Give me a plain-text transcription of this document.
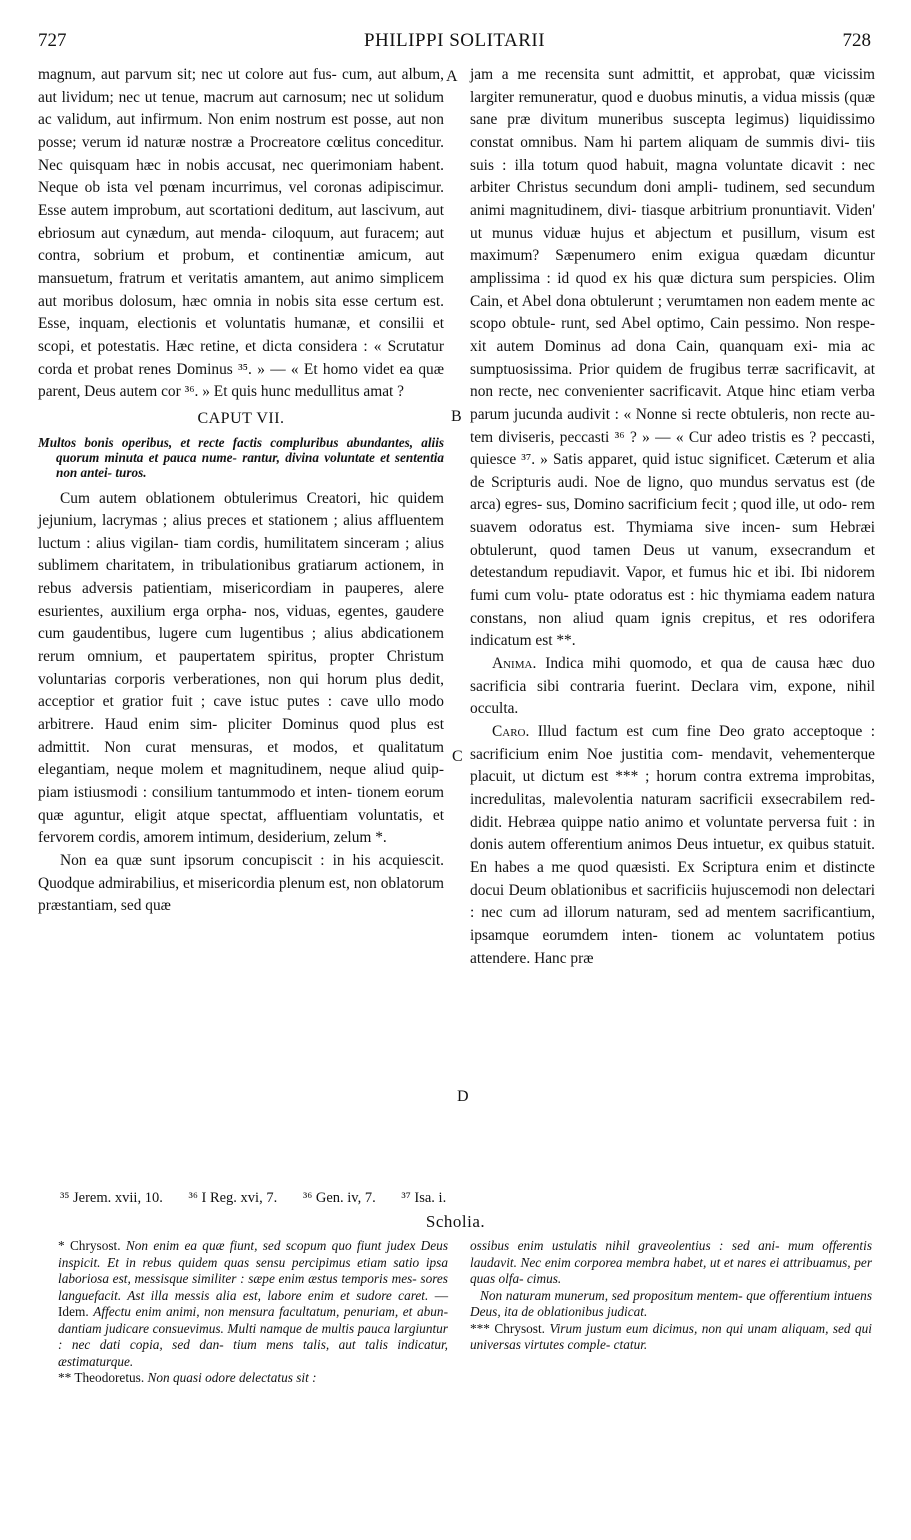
727	PHILIPPI SOLITARII	728

magnum, aut parvum sit; nec ut colore aut fus- cum, aut album, aut lividum; nec ut tenue, macrum aut carnosum; nec ut solidum ac validum, aut infirmum. Non enim nostrum est posse, aut non posse; verum id naturæ nostræ a Procreatore cœlitus conceditur. Nec quisquam hæc in nobis accusat, nec querimoniam habent. Neque ob ista vel pœnam incurrimus, vel coronas adipiscimur. Esse autem improbum, aut scortationi deditum, aut lascivum, aut ebriosum aut cynædum, aut menda- ciloquum, aut furacem; aut contra, sobrium et probum, et continentiæ amicum, aut mansuetum, fratrum et veritatis amantem, aut animo simplicem aut moribus dolosum, hæc omnia in nobis sita esse certum est. Esse, inquam, electionis et voluntatis humanæ, et consilii et scopi, et potestatis. Hæc retine, et dicta considera : « Scrutatur corda et probat renes Dominus ³⁵. » — « Et homo videt ea quæ parent, Deus autem cor ³⁶. » Et quis hunc medullitus amat ?

CAPUT VII.
Multos bonis operibus, et recte factis compluribus abundantes, aliis quorum minuta et pauca nume- rantur, divina voluntate et sententia non antei- turos.

Cum autem oblationem obtulerimus Creatori, hic quidem jejunium, lacrymas ; alius preces et stationem ; alius affluentem luctum : alius vigilan- tiam cordis, humilitatem sinceram ; alius sublimem charitatem, in tribulationibus gratiarum actionem, in rebus adversis patientiam, misericordiam in pauperes, alere esurientes, auxilium erga orpha- nos, viduas, egentes, gaudere cum gaudentibus, lugere cum lugentibus ; alius abdicationem rerum omnium, et paupertatem spiritus, propter Christum voluntarias corporis verberationes, non qui horum plus dedit, acceptior et gratior fuit ; cave istuc putes : cave ullo modo arbitrere. Haud enim sim- pliciter Dominus quod plus est admittit. Non curat mensuras, et modos, et qualitatum elegantiam, neque molem et magnitudinem, neque aliud quip- piam istiusmodi : consilium tantummodo et inten- tionem eorum quæ aguntur, eligit atque spectat, affluentiam voluntatis, et fervorem cordis, amorem intimum, desiderium, zelum *.

Non ea quæ sunt ipsorum concupiscit : in his acquiescit. Quodque admirabilius, et misericordia plenum est, non oblatorum præstantiam, sed quæ

A
B
C
D

jam a me recensita sunt admittit, et approbat, quæ vicissim largiter remuneratur, quod e duobus minutis, a vidua missis (quæ sane præ divitum muneribus suscepta legimus) liquidissimo constat omnibus. Nam hi partem aliquam de summis divi- tiis suis : illa totum quod habuit, magna voluntate dicavit : nec arbiter Christus secundum doni ampli- tudinem, sed secundum animi magnitudinem, divi- tiasque arbitrium pronuntiavit. Viden' ut munus viduæ hujus et abjectum et pusillum, visum est maximum? Sæpenumero enim exigua quædam dicuntur amplissima : id quod ex his quæ dictura sum perspicies. Olim Cain, et Abel dona obtulerunt ; verumtamen non eadem mente ac scopo obtule- runt, sed Abel optimo, Cain pessimo. Non respe- xit autem Dominus ad dona Cain, quanquam exi- mia ac sumptuosissima. Prior quidem de frugibus terræ sacrificavit, at non recte, nec convenienter sacrificavit. Atque hinc etiam verba parum jucunda audivit : « Nonne si recte obtuleris, non recte au- tem diviseris, peccasti ³⁶ ? » — « Cur adeo tristis es ? peccasti, quiesce ³⁷. » Satis apparet, quid istuc significet. Cæterum et alia de Scripturis audi. Noe de ligno, quo mundus servatus est (de arca) egres- sus, Domino sacrificium fecit ; quod ille, ut odo- rem suavem odoratus est. Thymiama sive incen- sum Hebræi obtulerunt, quod tamen Deus ut vanum, exsecrandum et detestandum repudiavit. Vapor, et fumus hic et ibi. Ibi nidorem fumi cum volu- ptate odoratus est : hic thymiama eadem natura constans, non aliud quam ignis crepitus, et res odorifera indicatum est **.

Anima. Indica mihi quomodo, et qua de causa hæc duo sacrificia sibi contraria fuerint. Declara vim, expone, nihil occulta.

Caro. Illud factum est cum fine Deo grato acceptoque : sacrificium enim Noe justitia com- mendavit, vehementerque placuit, ut dictum est *** ; horum contra extrema improbitas, incredulitas, malevolentia naturam sacrificii exsecrabilem red- didit. Hebræa quippe natio animo et voluntate perversa fuit : in donis autem offerentium animos Deus intuetur, ex quibus statuit. En habes a me quod quæsisti. Ex Scriptura enim et distincte docui Deum oblationibus et sacrificiis hujuscemodi non delectari : nec cum ad illorum naturam, sed ad mentem sacrificantium, ipsamque eorumdem inten- tionem ac voluntatem potius attendere. Hanc præ

³⁵ Jerem. xvii, 10. ³⁶ I Reg. xvi, 7. ³⁶ Gen. iv, 7. ³⁷ Isa. i.
Scholia.

* Chrysost. Non enim ea quæ fiunt, sed scopum quo fiunt judex Deus inspicit. Et in rebus quidem quas sensu percipimus etiam satio ipsa laboriosa est, messisque similiter : sæpe enim æstus temporis mes- sores languefacit. Ast illa messis alia est, labore enim et sudore caret. — Idem. Affectu enim animi, non mensura facultatum, penuriam, et abun- dantiam judicare consuevimus. Multi namque de multis pauca largiuntur : nec dati copia, sed dan- tium mens talis, aut talis indicatur, æstimaturque.

** Theodoretus. Non quasi odore delectatus sit :

ossibus enim ustulatis nihil graveolentius : sed ani- mum offerentis laudavit. Nec enim corporea membra habet, ut et nares ei attribuamus, per quas olfa- cimus.

Non naturam munerum, sed propositum mentem- que offerentium intuens Deus, ita de oblationibus judicat.

*** Chrysost. Virum justum eum dicimus, non qui unam aliquam, sed qui universas virtutes comple- ctatur.
